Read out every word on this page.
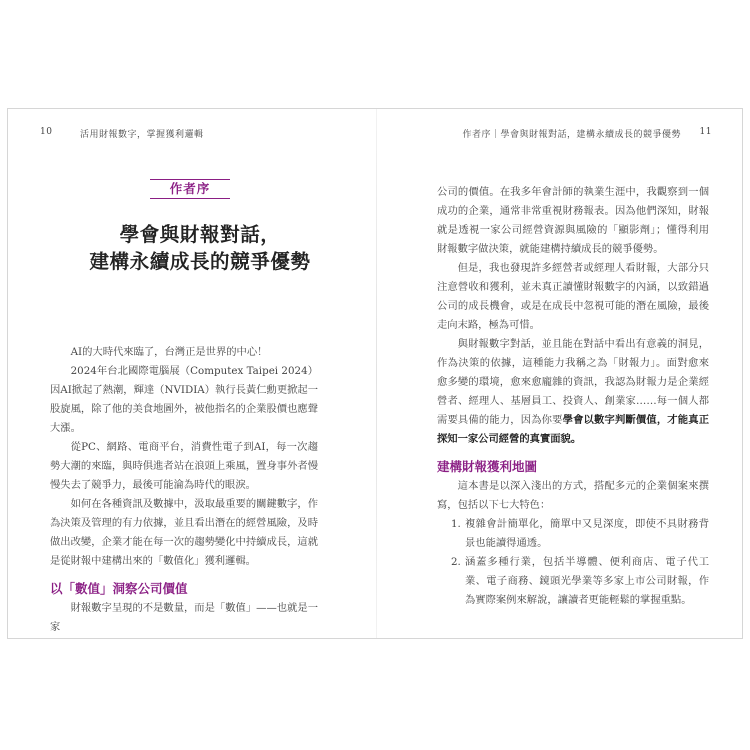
10	活用財報數字，掌握獲利邏輯
作者序
學會與財報對話，
建構永續成長的競爭優勢

AI的大時代來臨了，台灣正是世界的中心！

2024年台北國際電腦展（Computex Taipei 2024）因AI掀起了熱潮，輝達（NVIDIA）執行長黃仁勳更掀起一股旋風，除了他的美食地圖外，被他指名的企業股價也應聲大漲。

從PC、網路、電商平台，消費性電子到AI，每一次趨勢大潮的來臨，與時俱進者站在浪頭上乘風，置身事外者慢慢失去了競爭力，最後可能淪為時代的眼淚。

如何在各種資訊及數據中，汲取最重要的關鍵數字，作為決策及管理的有力依據，並且看出潛在的經營風險，及時做出改變，企業才能在每一次的趨勢變化中持續成長，這就是從財報中建構出來的「數值化」獲利邏輯。

以「數值」洞察公司價值

財報數字呈現的不是數量，而是「數值」——也就是一家

作者序｜學會與財報對話，建構永續成長的競爭優勢 11

公司的價值。在我多年會計師的執業生涯中，我觀察到一個成功的企業，通常非常重視財務報表。因為他們深知，財報就是透視一家公司經營資源與風險的「顯影劑」；懂得利用財報數字做決策，就能建構持續成長的競爭優勢。

但是，我也發現許多經營者或經理人看財報，大部分只注意營收和獲利，並未真正讀懂財報數字的內涵，以致錯過公司的成長機會，或是在成長中忽視可能的潛在風險，最後走向末路，極為可惜。

與財報數字對話，並且能在對話中看出有意義的洞見，作為決策的依據，這種能力我稱之為「財報力」。面對愈來愈多變的環境，愈來愈龐雜的資訊，我認為財報力是企業經營者、經理人、基層員工、投資人、創業家……每一個人都需要具備的能力，因為你要學會以數字判斷價值，才能真正探知一家公司經營的真實面貌。

建構財報獲利地圖

這本書是以深入淺出的方式，搭配多元的企業個案來撰寫，包括以下七大特色：

1. 複雜會計簡單化，簡單中又見深度，即使不具財務背景也能讀得通透。
2. 涵蓋多種行業，包括半導體、便利商店、電子代工業、電子商務、鏡頭光學業等多家上市公司財報，作為實際案例來解說，讓讀者更能輕鬆的掌握重點。
